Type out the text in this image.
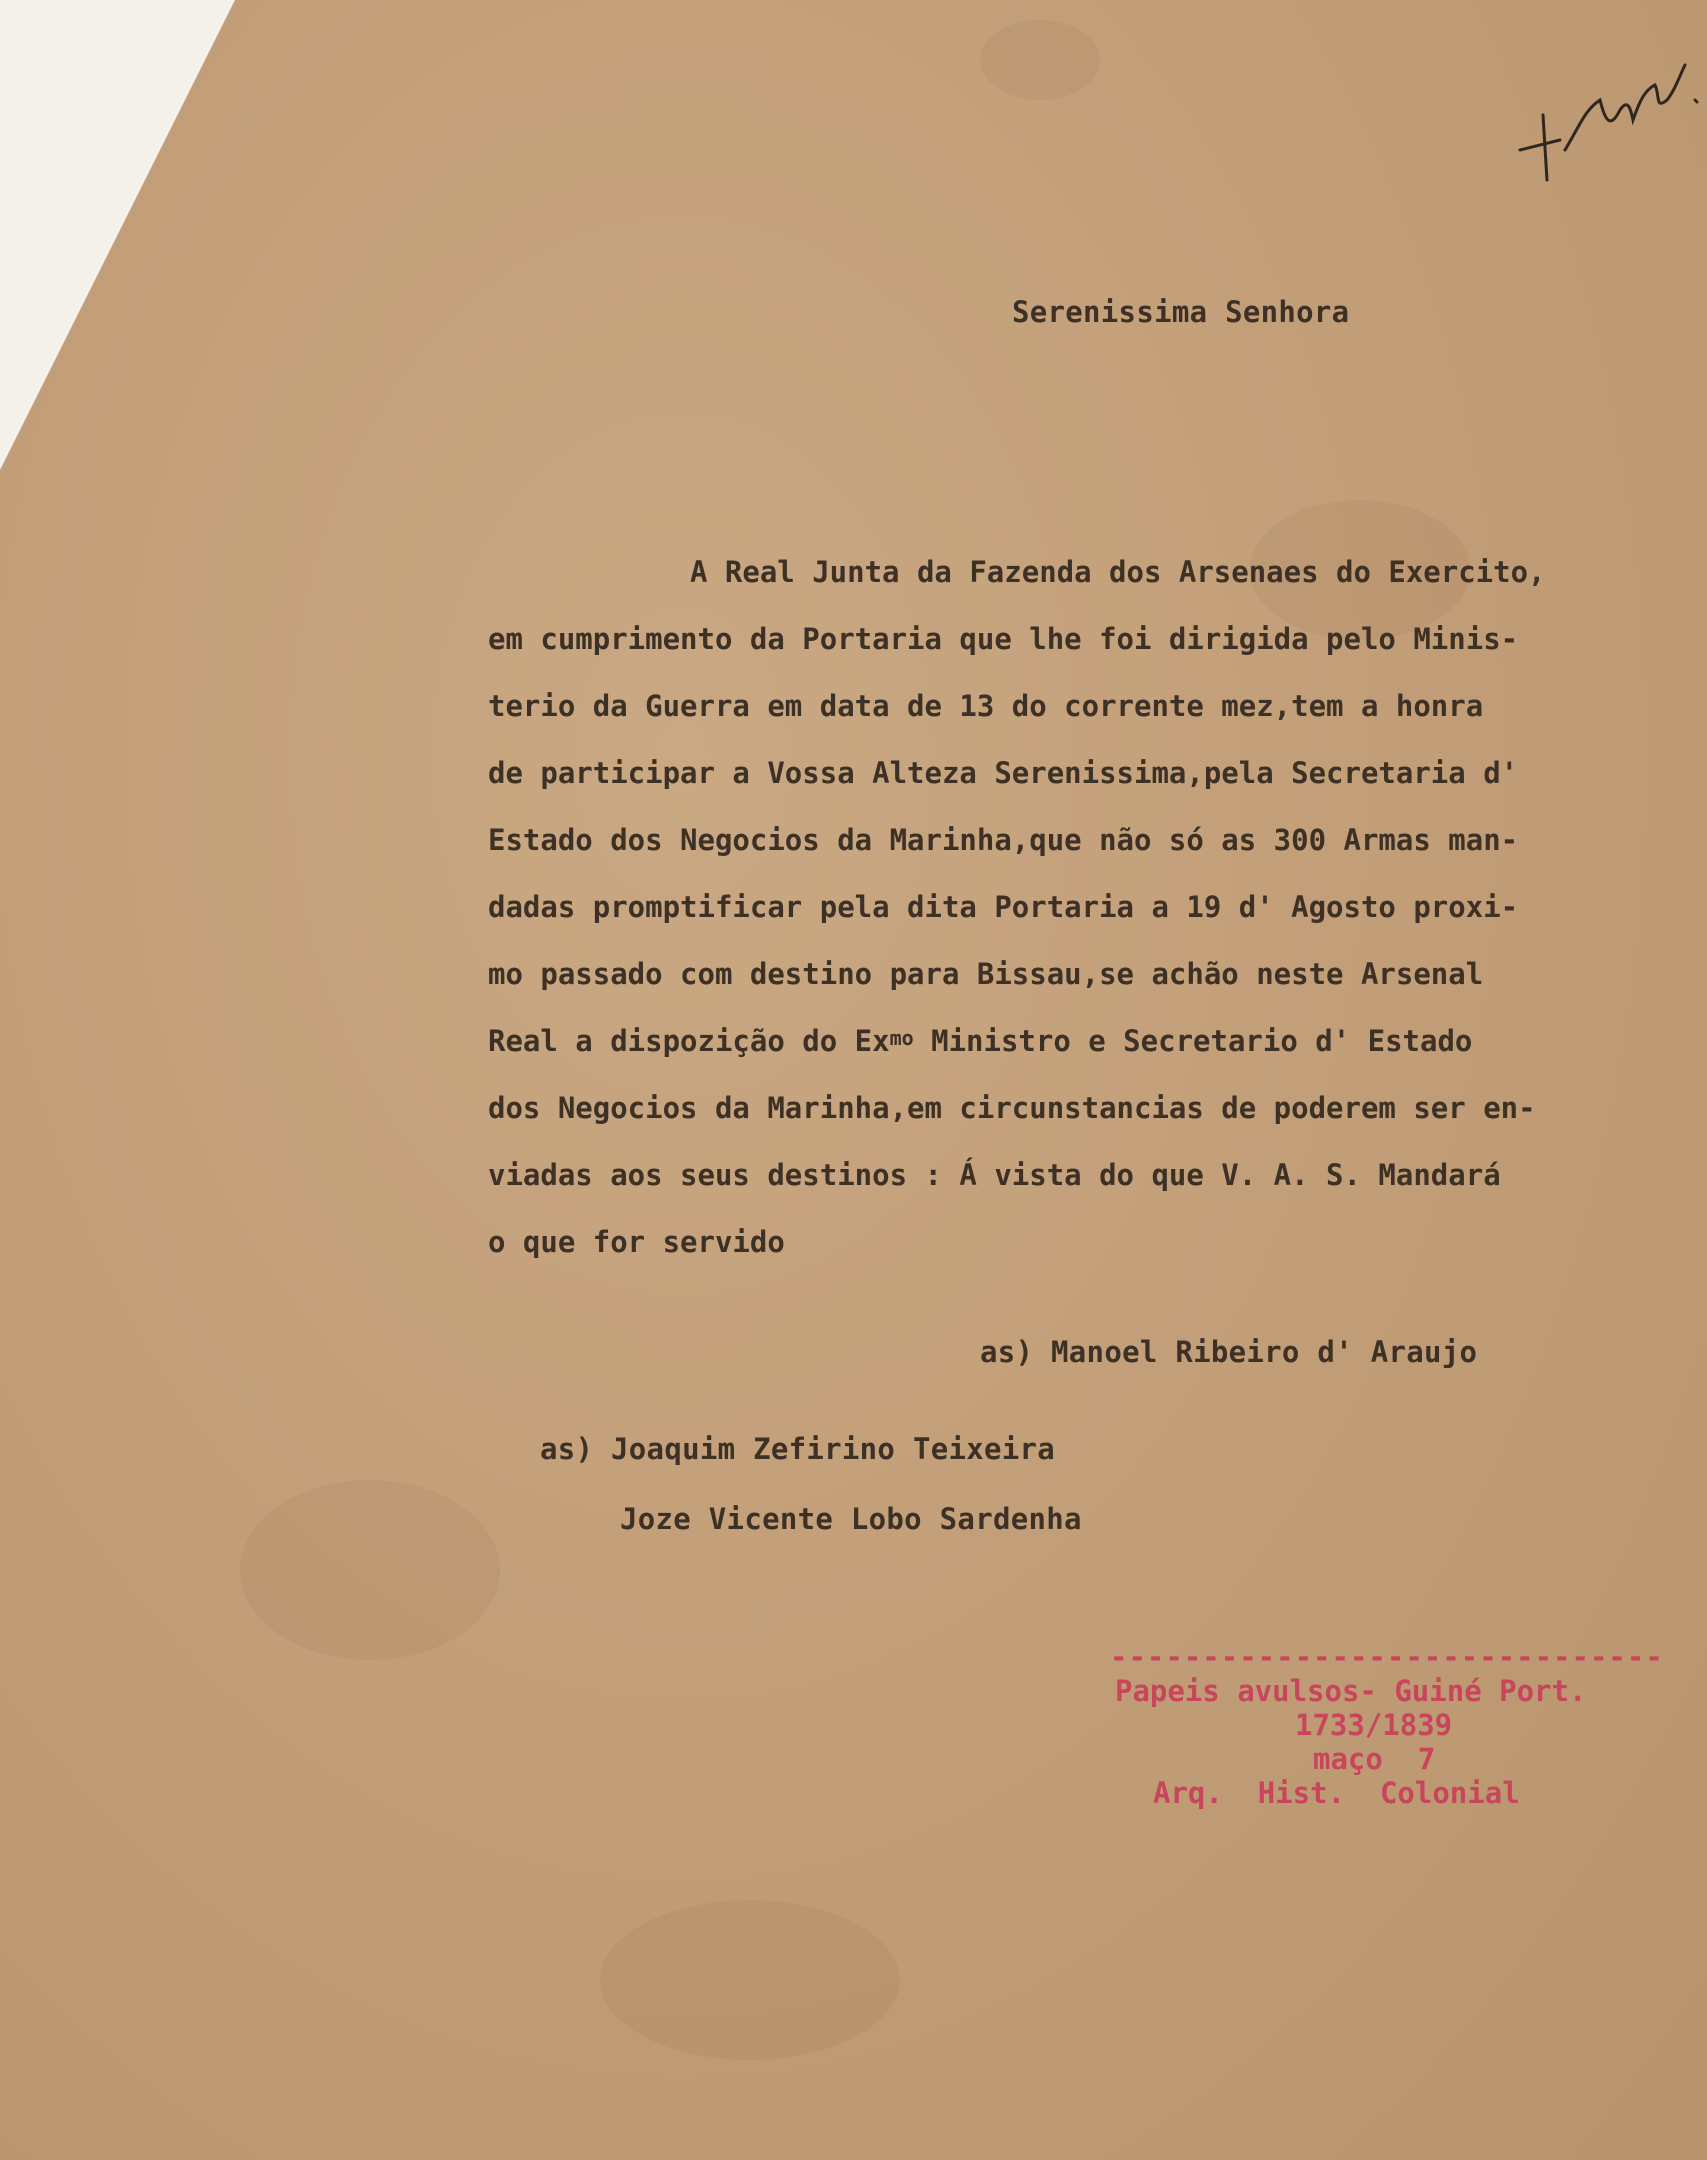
Serenissima Senhora
A Real Junta da Fazenda dos Arsenaes do Exercito,
em cumprimento da Portaria que lhe foi dirigida pelo Minis-
terio da Guerra em data de 13 do corrente mez,tem a honra
de participar a Vossa Alteza Serenissima,pela Secretaria d'
Estado dos Negocios da Marinha,que não só as 300 Armas man-
dadas promptificar pela dita Portaria a 19 d' Agosto proxi-
mo passado com destino para Bissau,se achão neste Arsenal
Real a dispozição do $Ex^{mo}$ Ministro e Secretario d' Estado
dos Negocios da Marinha,em circunstancias de poderem ser en-
viadas aos seus destinos : Á vista do que V. A. S. Mandará
o que for servido
as) Manoel Ribeiro d' Araujo
as) Joaquim Zefirino Teixeira
Joze Vicente Lobo Sardenha
------------------------------
Papeis avulsos- Guiné Port.
1733/1839
maço  7
Arq.  Hist.  Colonial
